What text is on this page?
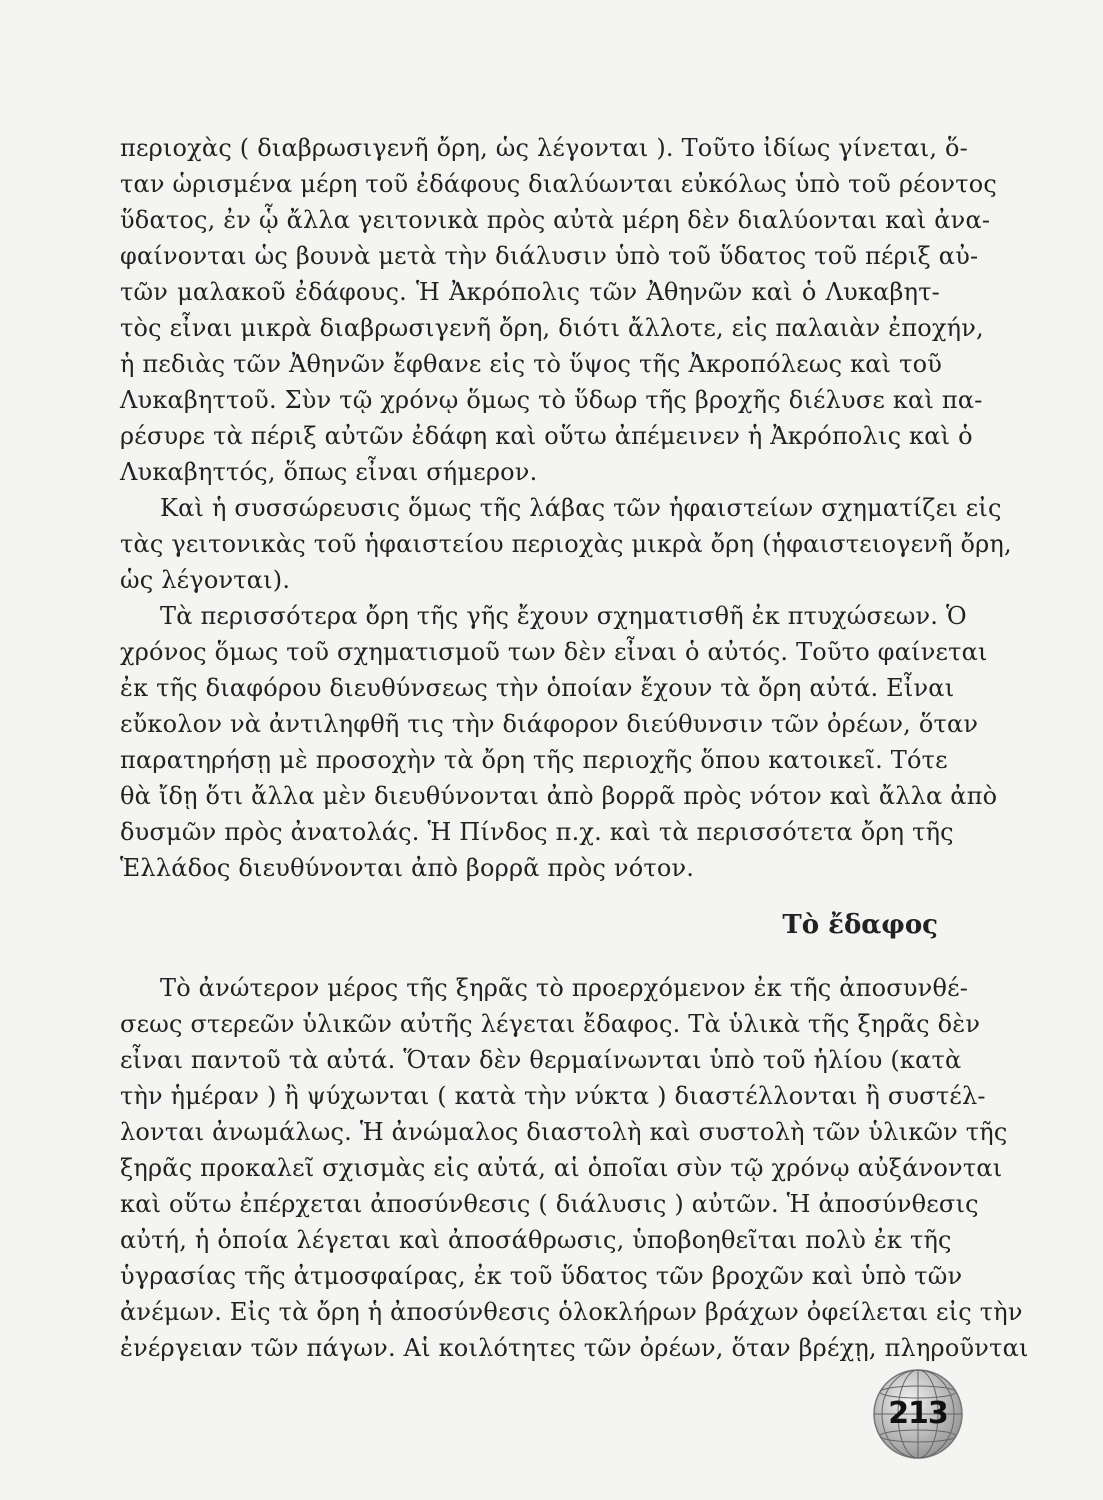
περιοχὰς ( διαβρωσιγενῆ ὄρη, ὡς λέγονται ). Τοῦτο ἰδίως γίνεται, ὅ-
ταν ὡρισμένα μέρη τοῦ ἐδάφους διαλύωνται εὐκόλως ὑπὸ τοῦ ρέοντος
ὕδατος, ἐν ᾧ ἄλλα γειτονικὰ πρὸς αὐτὰ μέρη δὲν διαλύονται καὶ ἀνα-
φαίνονται ὡς βουνὰ μετὰ τὴν διάλυσιν ὑπὸ τοῦ ὕδατος τοῦ πέριξ αὐ-
τῶν μαλακοῦ ἐδάφους. Ἡ Ἀκρόπολις τῶν Ἀθηνῶν καὶ ὁ Λυκαβητ-
τὸς εἶναι μικρὰ διαβρωσιγενῆ ὄρη, διότι ἄλλοτε, εἰς παλαιὰν ἐποχήν,
ἡ πεδιὰς τῶν Ἀθηνῶν ἔφθανε εἰς τὸ ὕψος τῆς Ἀκροπόλεως καὶ τοῦ
Λυκαβηττοῦ. Σὺν τῷ χρόνῳ ὅμως τὸ ὕδωρ τῆς βροχῆς διέλυσε καὶ πα-
ρέσυρε τὰ πέριξ αὐτῶν ἐδάφη καὶ οὕτω ἀπέμεινεν ἡ Ἀκρόπολις καὶ ὁ
Λυκαβηττός, ὅπως εἶναι σήμερον.
Καὶ ἡ συσσώρευσις ὅμως τῆς λάβας τῶν ἡφαιστείων σχηματίζει εἰς
τὰς γειτονικὰς τοῦ ἡφαιστείου περιοχὰς μικρὰ ὄρη (ἡφαιστειογενῆ ὄρη,
ὡς λέγονται).
Τὰ περισσότερα ὄρη τῆς γῆς ἔχουν σχηματισθῆ ἐκ πτυχώσεων. Ὁ
χρόνος ὅμως τοῦ σχηματισμοῦ των δὲν εἶναι ὁ αὐτός. Τοῦτο φαίνεται
ἐκ τῆς διαφόρου διευθύνσεως τὴν ὁποίαν ἔχουν τὰ ὄρη αὐτά. Εἶναι
εὔκολον νὰ ἀντιληφθῆ τις τὴν διάφορον διεύθυνσιν τῶν ὀρέων, ὅταν
παρατηρήσῃ μὲ προσοχὴν τὰ ὄρη τῆς περιοχῆς ὅπου κατοικεῖ. Τότε
θὰ ἴδῃ ὅτι ἄλλα μὲν διευθύνονται ἀπὸ βορρᾶ πρὸς νότον καὶ ἄλλα ἀπὸ
δυσμῶν πρὸς ἀνατολάς. Ἡ Πίνδος π.χ. καὶ τὰ περισσότετα ὄρη τῆς
Ἑλλάδος διευθύνονται ἀπὸ βορρᾶ πρὸς νότον.
Τὸ ἔδαφος
Τὸ ἀνώτερον μέρος τῆς ξηρᾶς τὸ προερχόμενον ἐκ τῆς ἀποσυνθέ-
σεως στερεῶν ὑλικῶν αὐτῆς λέγεται ἔδαφος. Τὰ ὑλικὰ τῆς ξηρᾶς δὲν
εἶναι παντοῦ τὰ αὐτά. Ὅταν δὲν θερμαίνωνται ὑπὸ τοῦ ἡλίου (κατὰ
τὴν ἡμέραν ) ἢ ψύχωνται ( κατὰ τὴν νύκτα ) διαστέλλονται ἢ συστέλ-
λονται ἀνωμάλως. Ἡ ἀνώμαλος διαστολὴ καὶ συστολὴ τῶν ὑλικῶν τῆς
ξηρᾶς προκαλεῖ σχισμὰς εἰς αὐτά, αἱ ὁποῖαι σὺν τῷ χρόνῳ αὐξάνονται
καὶ οὕτω ἐπέρχεται ἀποσύνθεσις ( διάλυσις ) αὐτῶν. Ἡ ἀποσύνθεσις
αὐτή, ἡ ὁποία λέγεται καὶ ἀποσάθρωσις, ὑποβοηθεῖται πολὺ ἐκ τῆς
ὑγρασίας τῆς ἀτμοσφαίρας, ἐκ τοῦ ὕδατος τῶν βροχῶν καὶ ὑπὸ τῶν
ἀνέμων. Εἰς τὰ ὄρη ἡ ἀποσύνθεσις ὁλοκλήρων βράχων ὀφείλεται εἰς τὴν
ἐνέργειαν τῶν πάγων. Αἱ κοιλότητες τῶν ὀρέων, ὅταν βρέχῃ, πληροῦνται
213
